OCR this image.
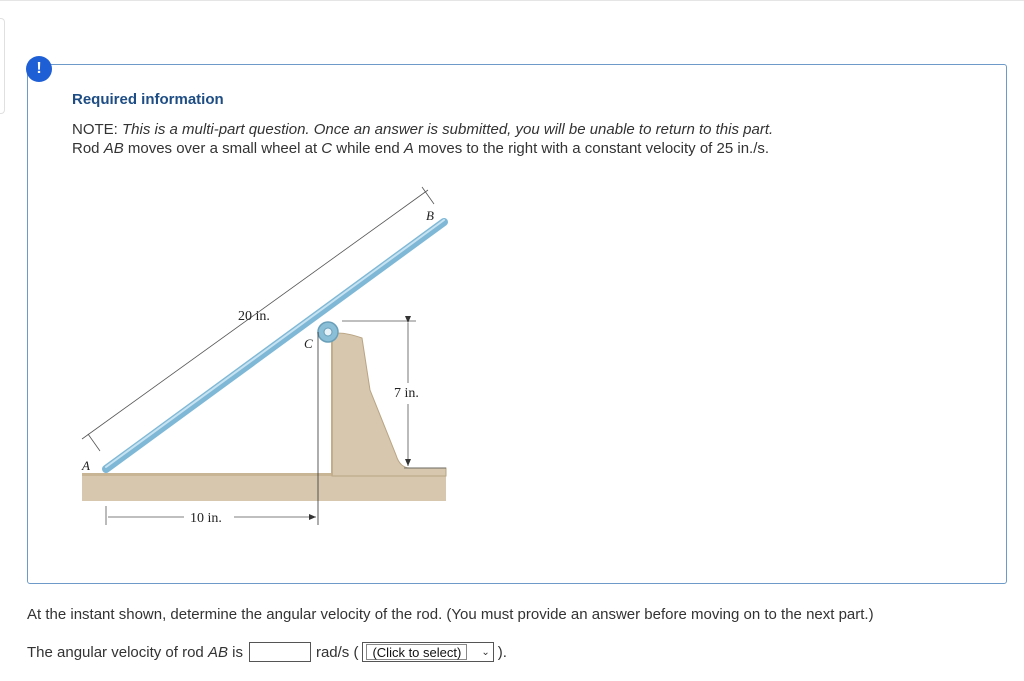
!
Required information
NOTE: This is a multi-part question. Once an answer is submitted, you will be unable to return to this part.
Rod AB moves over a small wheel at C while end A moves to the right with a constant velocity of 25 in./s.
20 in.
7 in.
10 in.
A
B
C
At the instant shown, determine the angular velocity of the rod. (You must provide an answer before moving on to the next part.)
The angular velocity of rod AB is	rad/s (	(Click to select)	⌄ ).
